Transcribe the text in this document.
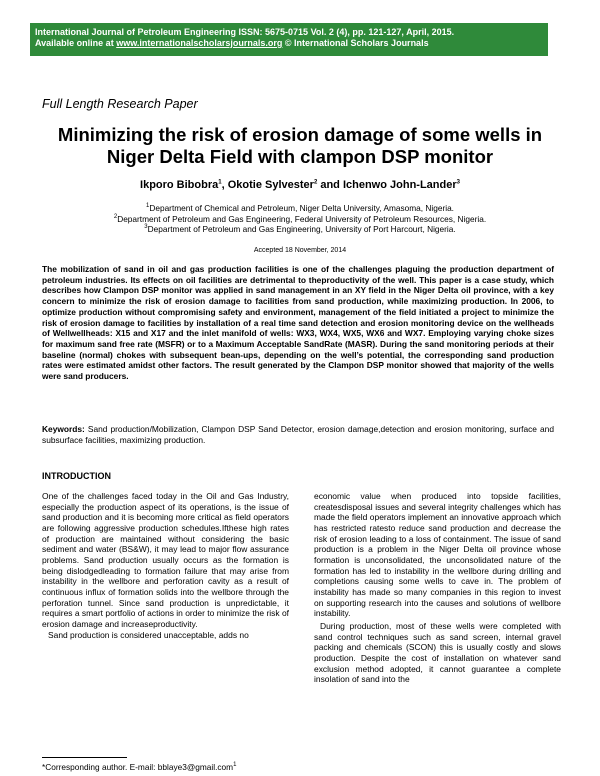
International Journal of Petroleum Engineering ISSN: 5675-0715 Vol. 2 (4), pp. 121-127, April, 2015.
Available online at www.internationalscholarsjournals.org © International Scholars Journals
Full Length Research Paper
Minimizing the risk of erosion damage of some wells in Niger Delta Field with clampon DSP monitor
Ikporo Bibobra$^1$, Okotie Sylvester$^2$ and Ichenwo John-Lander$^3$
$^1$Department of Chemical and Petroleum, Niger Delta University, Amasoma, Nigeria.
$^2$Department of Petroleum and Gas Engineering, Federal University of Petroleum Resources, Nigeria.
$^3$Department of Petroleum and Gas Engineering, University of Port Harcourt, Nigeria.
Accepted 18 November, 2014
The mobilization of sand in oil and gas production facilities is one of the challenges plaguing the production department of petroleum industries. Its effects on oil facilities are detrimental to theproductivity of the well. This paper is a case study, which describes how Clampon DSP monitor was applied in sand management in an XY field in the Niger Delta oil province, with a key concern to minimize the risk of erosion damage to facilities from sand production, while maximizing production. In 2006, to optimize production without compromising safety and environment, management of the field initiated a project to minimize the risk of erosion damage to facilities by installation of a real time sand detection and erosion monitoring device on the wellheads of Wellwellheads: X15 and X17 and the inlet manifold of wells: WX3, WX4, WX5, WX6 and WX7. Employing varying choke sizes for maximum sand free rate (MSFR) or to a Maximum Acceptable SandRate (MASR). During the sand monitoring periods at their baseline (normal) chokes with subsequent bean-ups, depending on the well’s potential, the corresponding sand production rates were estimated amidst other factors. The result generated by the Clampon DSP monitor showed that majority of the wells were sand producers.
Keywords: Sand production/Mobilization, Clampon DSP Sand Detector, erosion damage,detection and erosion monitoring, surface and subsurface facilities, maximizing production.
INTRODUCTION

One of the challenges faced today in the Oil and Gas Industry, especially the production aspect of its operations, is the issue of sand production and it is becoming more critical as field operators are following aggressive production schedules.Ifthese high rates of production are maintained without considering the basic sediment and water (BS&W), it may lead to major flow assurance problems. Sand production usually occurs as the formation is being dislodgedleading to formation failure that may arise from instability in the wellbore and perforation cavity as a result of continuous influx of formation solids into the wellbore through the perforation tunnel. Since sand production is unpredictable, it requires a smart portfolio of actions in order to minimize the risk of erosion damage and increaseproductivity.

Sand production is considered unacceptable, adds no

economic value when produced into topside facilities, createsdisposal issues and several integrity challenges which has made the field operators implement an innovative approach which has restricted ratesto reduce sand production and decrease the risk of erosion leading to a loss of containment. The issue of sand production is a problem in the Niger Delta oil province whose formation is unconsolidated, the unconsolidated nature of the formation has led to instability in the wellbore during drilling and completions causing some wells to cave in. The problem of instability has made so many companies in this region to invest on supporting research into the causes and solutions of wellbore instability.

During production, most of these wells were completed with sand control techniques such as sand screen, internal gravel packing and chemicals (SCON) this is usually costly and slows production. Despite the cost of installation on whatever sand exclusion method adopted, it cannot guarantee a complete insolation of sand into the

*Corresponding author. E-mail: bblaye3@gmail.com$^1$
